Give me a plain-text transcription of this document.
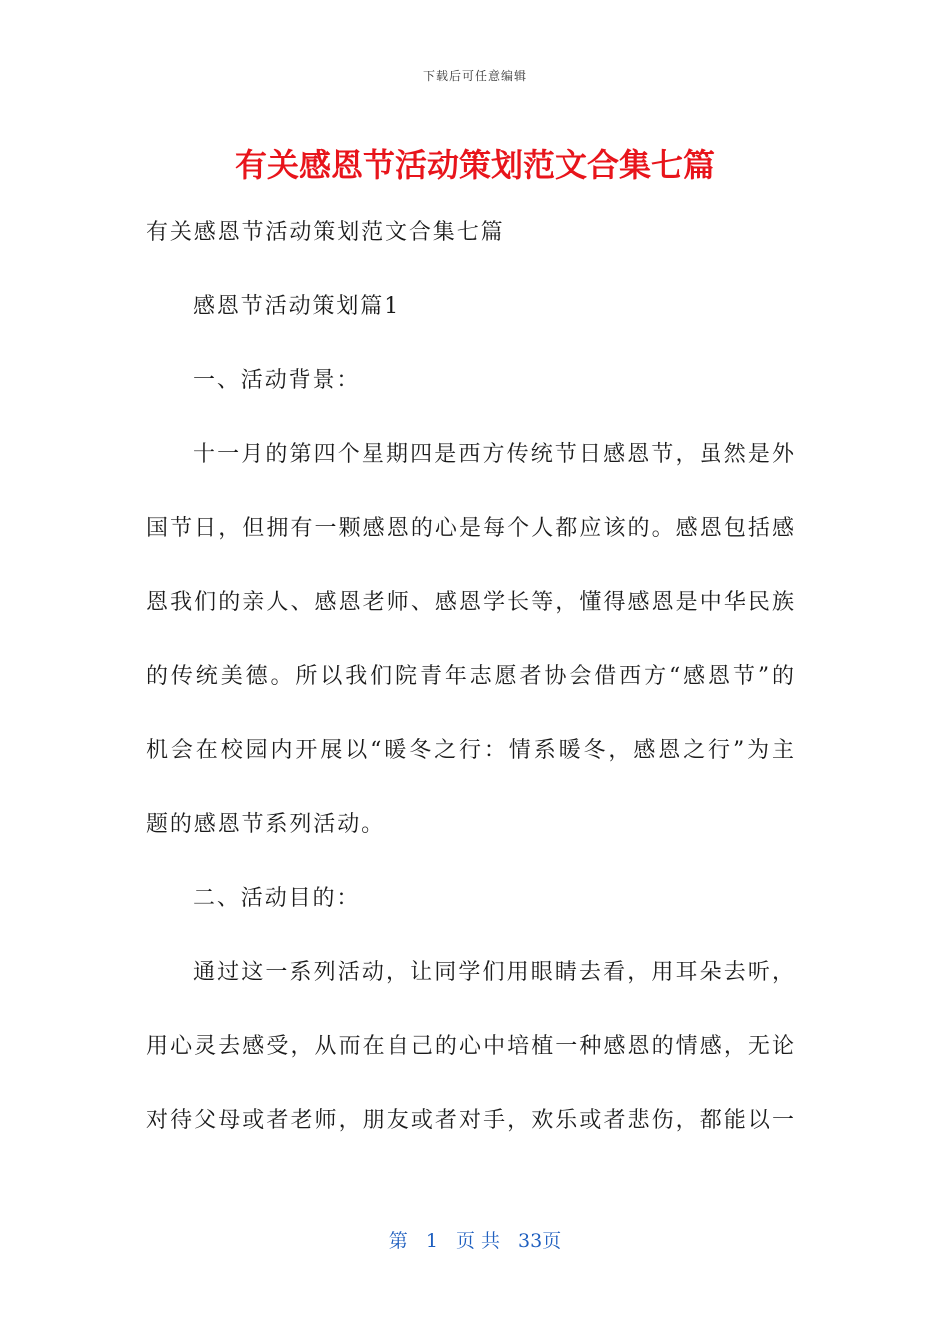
下载后可任意编辑
有关感恩节活动策划范文合集七篇
有关感恩节活动策划范文合集七篇
感恩节活动策划篇1
一、活动背景：
十一月的第四个星期四是西方传统节日感恩节，虽然是外
国节日，但拥有一颗感恩的心是每个人都应该的。感恩包括感
恩我们的亲人、感恩老师、感恩学长等，懂得感恩是中华民族
的传统美德。所以我们院青年志愿者协会借西方“感恩节”的
机会在校园内开展以“暖冬之行：情系暖冬，感恩之行”为主
题的感恩节系列活动。
二、活动目的：
通过这一系列活动，让同学们用眼睛去看，用耳朵去听，
用心灵去感受，从而在自己的心中培植一种感恩的情感，无论
对待父母或者老师，朋友或者对手，欢乐或者悲伤，都能以一
第 1 页 共 33页
